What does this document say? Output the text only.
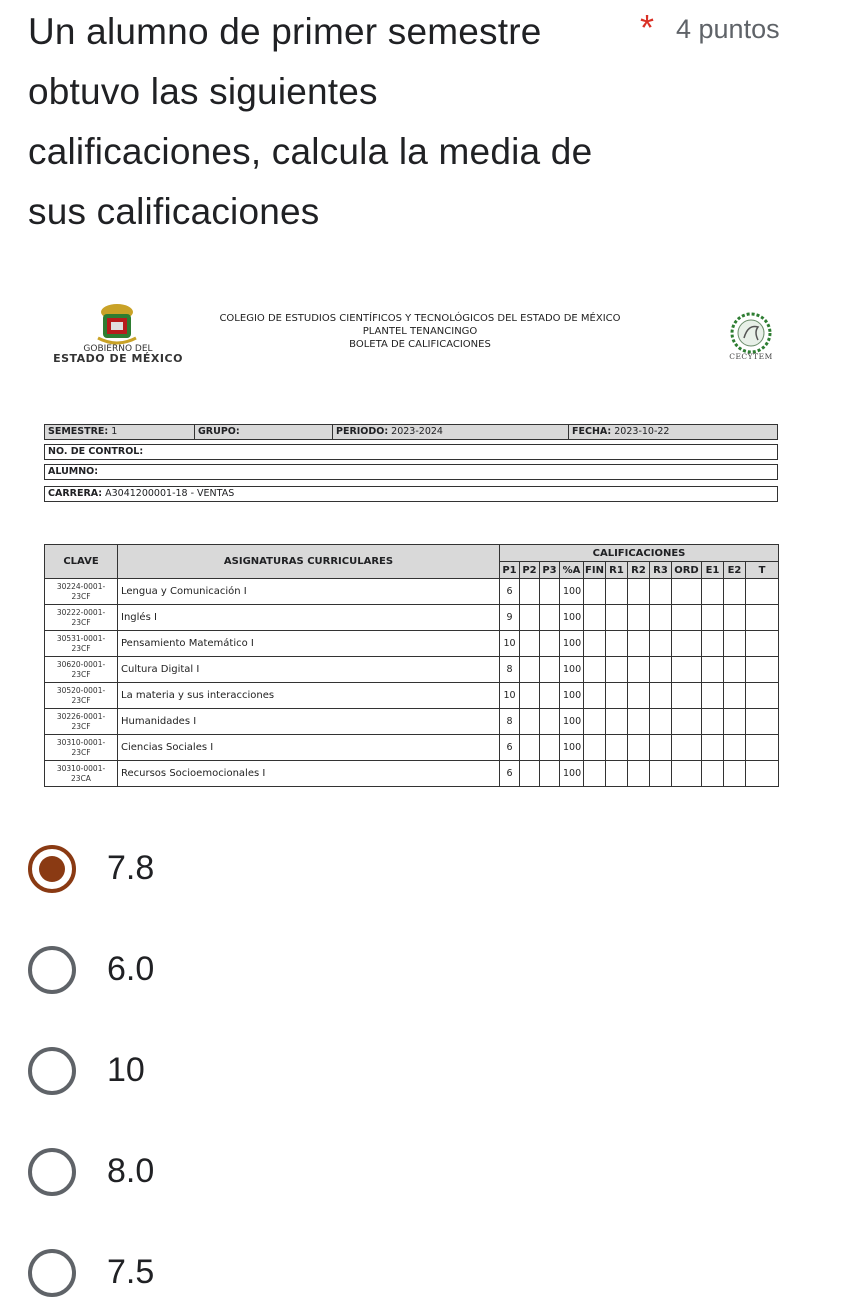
Un alumno de primer semestre obtuvo las siguientes calificaciones, calcula la media de sus calificaciones
* 4 puntos
GOBIERNO DEL
ESTADO DE MÉXICO
COLEGIO DE ESTUDIOS CIENTÍFICOS Y TECNOLÓGICOS DEL ESTADO DE MÉXICO
PLANTEL TENANCINGO
BOLETA DE CALIFICACIONES
CECYTEM
SEMESTRE: 1	GRUPO:	PERIODO: 2023-2024	FECHA: 2023-10-22
NO. DE CONTROL:
ALUMNO:
CARRERA: A3041200001-18 - VENTAS
CLAVE	ASIGNATURAS CURRICULARES	CALIFICACIONES											
		P1	P2	P3	%A	FIN	R1	R2	R3	ORD	E1	E2	T

30224-0001-
23CF	Lengua y Comunicación I	6			100								

30222-0001-
23CF	Inglés I	9			100								

30531-0001-
23CF	Pensamiento Matemático I	10			100								

30620-0001-
23CF	Cultura Digital I	8			100								

30520-0001-
23CF	La materia y sus interacciones	10			100								

30226-0001-
23CF	Humanidades I	8			100								

30310-0001-
23CF	Ciencias Sociales I	6			100								

30310-0001-
23CA	Recursos Socioemocionales I	6			100								
7.8
6.0
10
8.0
7.5
